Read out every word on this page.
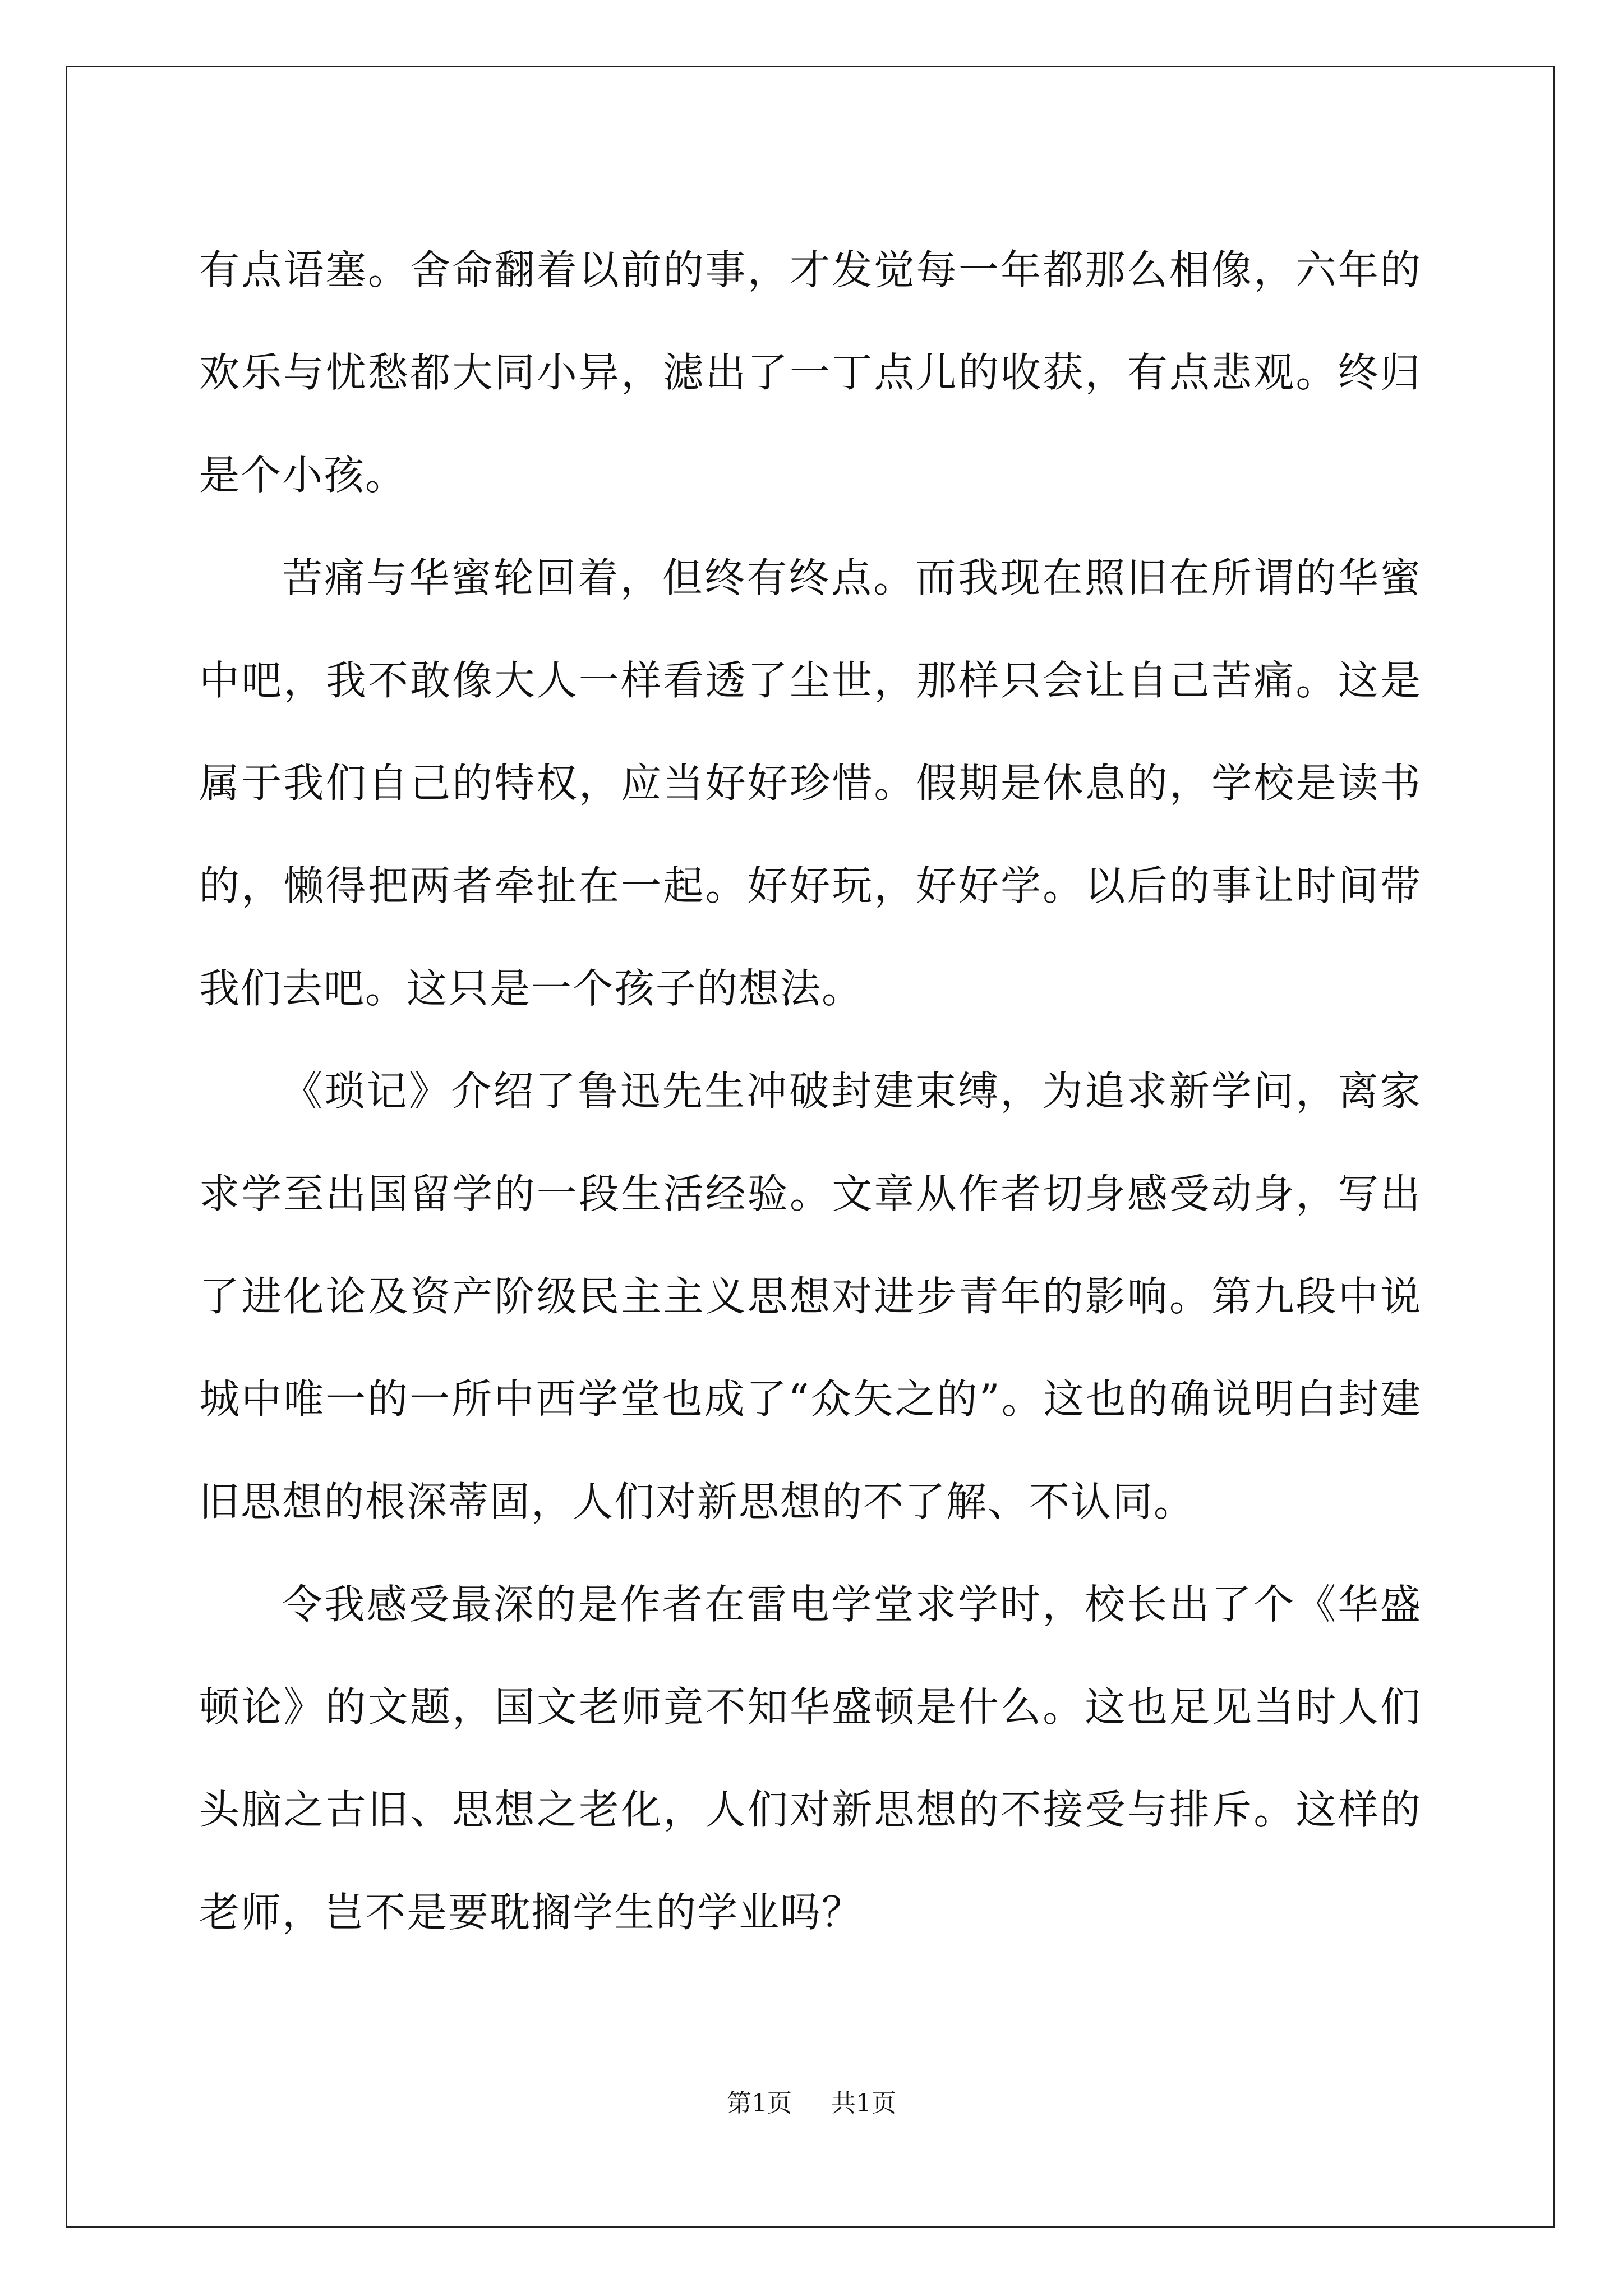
有点语塞。舍命翻着以前的事，才发觉每一年都那么相像，六年的欢乐与忧愁都大同小异，滤出了一丁点儿的收获，有点悲观。终归是个小孩。

苦痛与华蜜轮回着，但终有终点。而我现在照旧在所谓的华蜜中吧，我不敢像大人一样看透了尘世，那样只会让自己苦痛。这是属于我们自己的特权，应当好好珍惜。假期是休息的，学校是读书的，懒得把两者牵扯在一起。好好玩，好好学。以后的事让时间带我们去吧。这只是一个孩子的想法。

《琐记》介绍了鲁迅先生冲破封建束缚，为追求新学问，离家求学至出国留学的一段生活经验。文章从作者切身感受动身，写出了进化论及资产阶级民主主义思想对进步青年的影响。第九段中说城中唯一的一所中西学堂也成了“众矢之的”。这也的确说明白封建旧思想的根深蒂固，人们对新思想的不了解、不认同。

令我感受最深的是作者在雷电学堂求学时，校长出了个《华盛顿论》的文题，国文老师竟不知华盛顿是什么。这也足见当时人们头脑之古旧、思想之老化，人们对新思想的不接受与排斥。这样的老师，岂不是要耽搁学生的学业吗？

第1页 共1页
